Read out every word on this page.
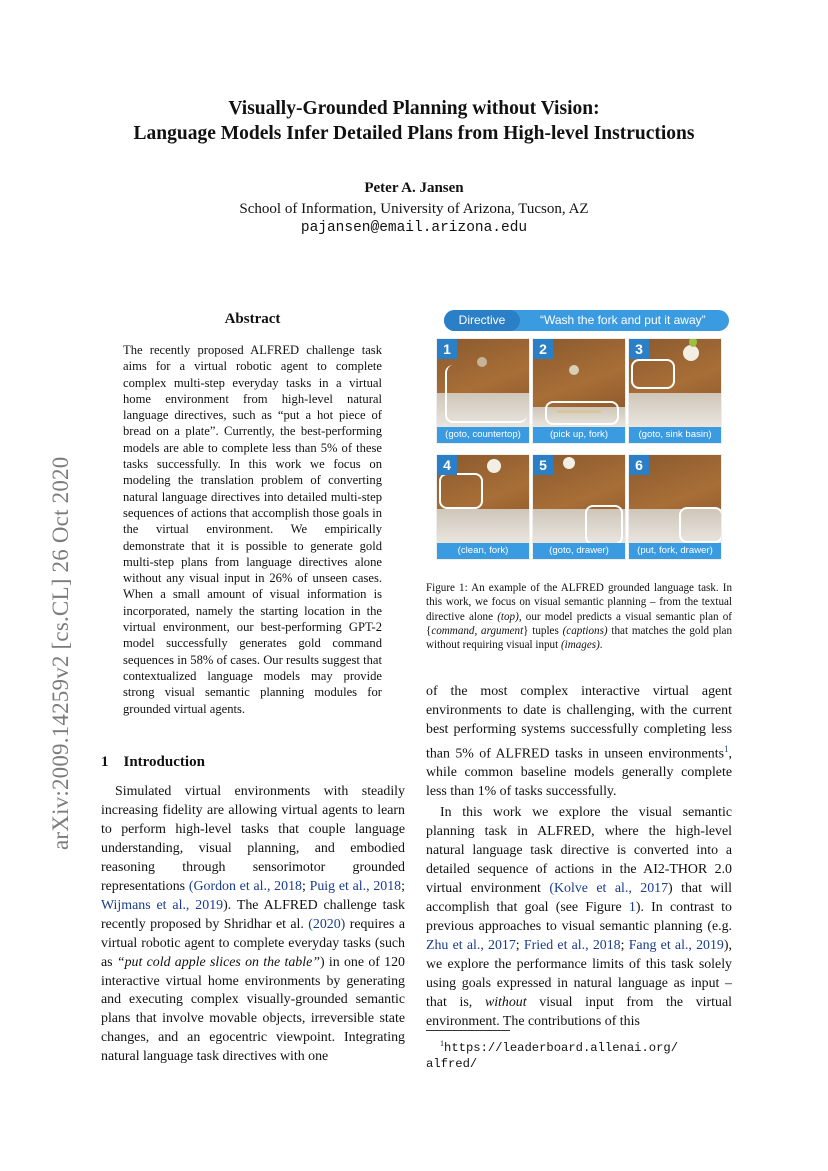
arXiv:2009.14259v2 [cs.CL] 26 Oct 2020
Visually-Grounded Planning without Vision:
Language Models Infer Detailed Plans from High-level Instructions
Peter A. Jansen
School of Information, University of Arizona, Tucson, AZ
pajansen@email.arizona.edu
Abstract
The recently proposed ALFRED challenge task aims for a virtual robotic agent to complete complex multi-step everyday tasks in a virtual home environment from high-level natural language directives, such as “put a hot piece of bread on a plate”. Currently, the best-performing models are able to complete less than 5% of these tasks successfully. In this work we focus on modeling the translation problem of converting natural language directives into detailed multi-step sequences of actions that accomplish those goals in the virtual environment. We empirically demonstrate that it is possible to generate gold multi-step plans from language directives alone without any visual input in 26% of unseen cases. When a small amount of visual information is incorporated, namely the starting location in the virtual environment, our best-performing GPT-2 model successfully generates gold command sequences in 58% of cases. Our results suggest that contextualized language models may provide strong visual semantic planning modules for grounded virtual agents.
1 Introduction

Simulated virtual environments with steadily increasing fidelity are allowing virtual agents to learn to perform high-level tasks that couple language understanding, visual planning, and embodied reasoning through sensorimotor grounded representations (Gordon et al., 2018; Puig et al., 2018; Wijmans et al., 2019). The ALFRED challenge task recently proposed by Shridhar et al. (2020) requires a virtual robotic agent to complete everyday tasks (such as “put cold apple slices on the table”) in one of 120 interactive virtual home environments by generating and executing complex visually-grounded semantic plans that involve movable objects, irreversible state changes, and an egocentric viewpoint. Integrating natural language task directives with one

Directive	“Wash the fork and put it away”
1
(goto, countertop)
2
(pick up, fork)
3
(goto, sink basin)
4
(clean, fork)
5
(goto, drawer)
6
(put, fork, drawer)
Figure 1: An example of the ALFRED grounded language task. In this work, we focus on visual semantic planning – from the textual directive alone (top), our model predicts a visual semantic plan of {command, argument} tuples (captions) that matches the gold plan without requiring visual input (images).

of the most complex interactive virtual agent environments to date is challenging, with the current best performing systems successfully completing less than 5% of ALFRED tasks in unseen environments$^1$, while common baseline models generally complete less than 1% of tasks successfully.

In this work we explore the visual semantic planning task in ALFRED, where the high-level natural language task directive is converted into a detailed sequence of actions in the AI2-THOR 2.0 virtual environment (Kolve et al., 2017) that will accomplish that goal (see Figure 1). In contrast to previous approaches to visual semantic planning (e.g. Zhu et al., 2017; Fried et al., 2018; Fang et al., 2019), we explore the performance limits of this task solely using goals expressed in natural language as input – that is, without visual input from the virtual environment. The contributions of this

$^1$https://leaderboard.allenai.org/
alfred/
